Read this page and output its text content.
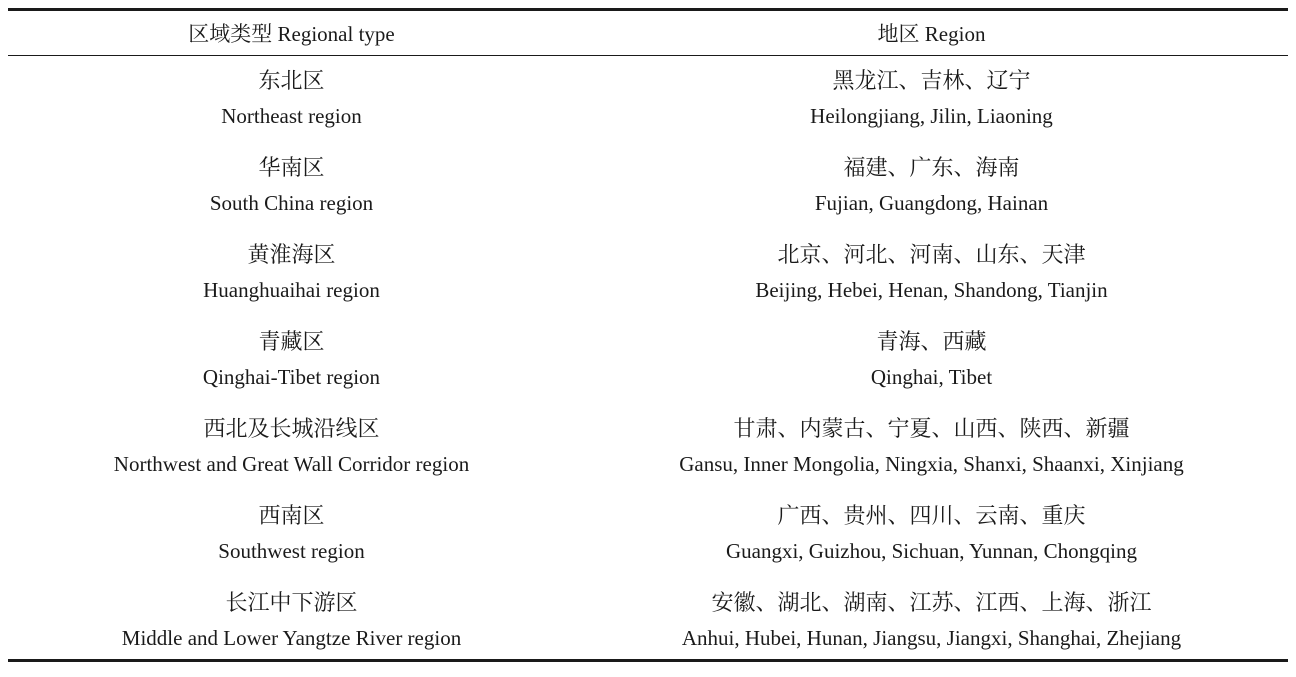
区域类型 Regional type	地区 Region
东北区
Northeast region
黑龙江、吉林、辽宁
Heilongjiang, Jilin, Liaoning
华南区
South China region
福建、广东、海南
Fujian, Guangdong, Hainan
黄淮海区
Huanghuaihai region
北京、河北、河南、山东、天津
Beijing, Hebei, Henan, Shandong, Tianjin
青藏区
Qinghai-Tibet region
青海、西藏
Qinghai, Tibet
西北及长城沿线区
Northwest and Great Wall Corridor region
甘肃、内蒙古、宁夏、山西、陕西、新疆
Gansu, Inner Mongolia, Ningxia, Shanxi, Shaanxi, Xinjiang
西南区
Southwest region
广西、贵州、四川、云南、重庆
Guangxi, Guizhou, Sichuan, Yunnan, Chongqing
长江中下游区
Middle and Lower Yangtze River region
安徽、湖北、湖南、江苏、江西、上海、浙江
Anhui, Hubei, Hunan, Jiangsu, Jiangxi, Shanghai, Zhejiang
